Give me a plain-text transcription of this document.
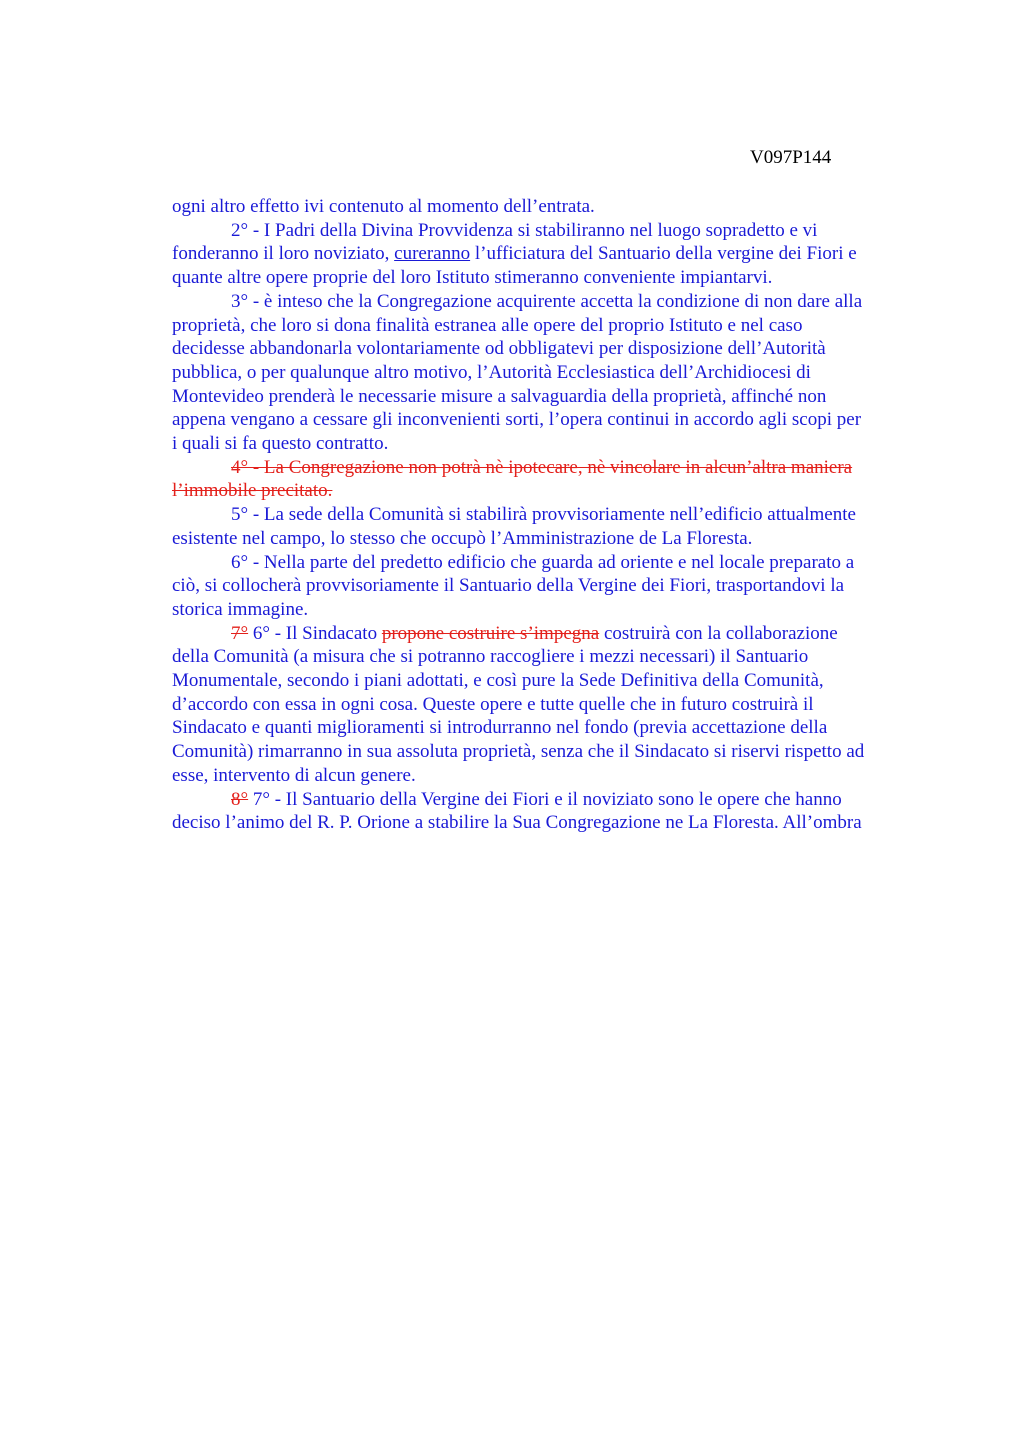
V097P144
ogni altro effetto ivi contenuto al momento dell’entrata.
2° - I Padri della Divina Provvidenza si stabiliranno nel luogo sopradetto e vi
fonderanno il loro noviziato, cureranno l’ufficiatura del Santuario della vergine dei Fiori e
quante altre opere proprie del loro Istituto stimeranno conveniente impiantarvi.
3° - è inteso che la Congregazione acquirente accetta la condizione di non dare alla
proprietà, che loro si dona finalità estranea alle opere del proprio Istituto e nel caso
decidesse abbandonarla volontariamente od obbligatevi per disposizione dell’Autorità
pubblica, o per qualunque altro motivo, l’Autorità Ecclesiastica dell’Archidiocesi di
Montevideo prenderà le necessarie misure a salvaguardia della proprietà, affinché non
appena vengano a cessare gli inconvenienti sorti, l’opera continui in accordo agli scopi per
i quali si fa questo contratto.
4° - La Congregazione non potrà nè ipotecare, nè vincolare in alcun’altra maniera
l’immobile precitato.
5° - La sede della Comunità si stabilirà provvisoriamente nell’edificio attualmente
esistente nel campo, lo stesso che occupò l’Amministrazione de La Floresta.
6° - Nella parte del predetto edificio che guarda ad oriente e nel locale preparato a
ciò, si collocherà provvisoriamente il Santuario della Vergine dei Fiori, trasportandovi la
storica immagine.
7° 6° - Il Sindacato propone costruire s’impegna costruirà con la collaborazione
della Comunità (a misura che si potranno raccogliere i mezzi necessari) il Santuario
Monumentale, secondo i piani adottati, e così pure la Sede Definitiva della Comunità,
d’accordo con essa in ogni cosa. Queste opere e tutte quelle che in futuro costruirà il
Sindacato e quanti miglioramenti si introdurranno nel fondo (previa accettazione della
Comunità) rimarranno in sua assoluta proprietà, senza che il Sindacato si riservi rispetto ad
esse, intervento di alcun genere.
8° 7° - Il Santuario della Vergine dei Fiori e il noviziato sono le opere che hanno
deciso l’animo del R. P. Orione a stabilire la Sua Congregazione ne La Floresta. All’ombra
